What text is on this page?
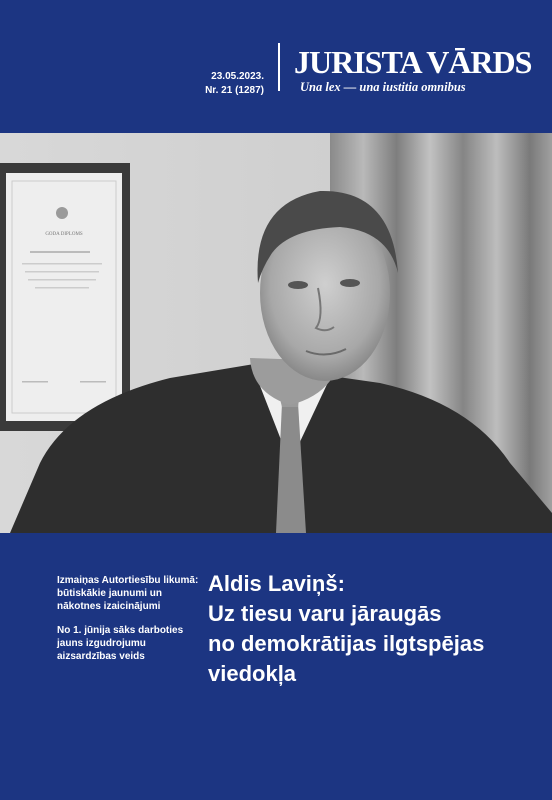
23.05.2023.
Nr. 21 (1287)
JURISTA VĀRDS
Una lex — una iustitia omnibus
GODA DIPLOMS
Izmaiņas Autortiesību likumā: būtiskākie jaunumi un nākotnes izaicinājumi
No 1. jūnija sāks darboties jauns izgudrojumu aizsardzības veids
Aldis Laviņš:
Uz tiesu varu jāraugās
no demokrātijas ilgtspējas
viedokļa
